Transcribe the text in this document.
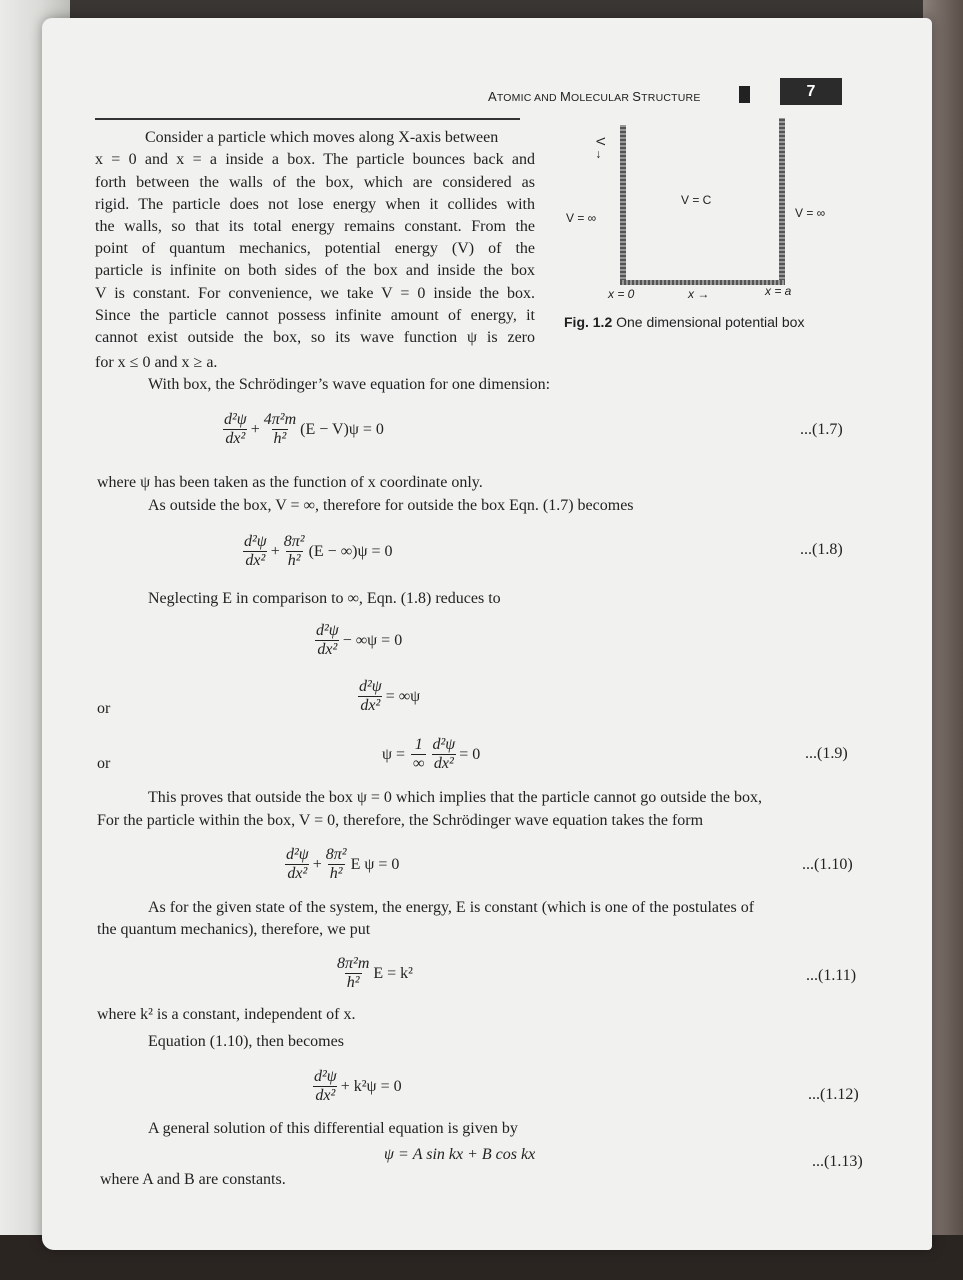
ATOMIC AND MOLECULAR STRUCTURE	7
Consider a particle which moves along X-axis between
x = 0 and x = a inside a box. The particle bounces back and
forth between the walls of the box, which are considered as
rigid. The particle does not lose energy when it collides with
the walls, so that its total energy remains constant. From the
point of quantum mechanics, potential energy (V) of the
particle is infinite on both sides of the box and inside the box
V is constant. For convenience, we take V = 0 inside the box.
Since the particle cannot possess infinite amount of energy, it
cannot exist outside the box, so its wave function ψ is zero
for x ≤ 0 and x ≥ a.
V →
V = ∞
V = C
V = ∞
x = 0	x →	x = a
Fig. 1.2 One dimensional potential box
With box, the Schrödinger’s wave equation for one dimension:
$\frac{\text{d²ψ}}{\text{dx²}} + \frac{\text{4π²m}}{\text{h²}} (E - V)\psi = 0$	...(1.7)
where ψ has been taken as the function of x coordinate only.
As outside the box, V = ∞, therefore for outside the box Eqn. (1.7) becomes
$\frac{\text{d²ψ}}{\text{dx²}} + \frac{\text{8π²}}{\text{h²}} (E - \infty)\psi = 0$	...(1.8)
Neglecting E in comparison to ∞, Eqn. (1.8) reduces to
$\frac{\text{d²ψ}}{\text{dx²}} - \infty\psi = 0$
or	$\frac{\text{d²ψ}}{\text{dx²}} = \infty\psi$
or
$\psi = \frac{1}{\infty} \frac{\text{d²ψ}}{\text{dx²}} = 0$	...(1.9)
This proves that outside the box ψ = 0 which implies that the particle cannot go outside the box,
For the particle within the box, V = 0, therefore, the Schrödinger wave equation takes the form
$\frac{\text{d²ψ}}{\text{dx²}} + \frac{\text{8π²}}{\text{h²}}$ E ψ = 0	...(1.10)
As for the given state of the system, the energy, E is constant (which is one of the postulates of
the quantum mechanics), therefore, we put
$\frac{\text{8π²m}}{\text{h²}}$ E = k²	...(1.11)
where k² is a constant, independent of x.
Equation (1.10), then becomes
$\frac{\text{d²ψ}}{\text{dx²}} + k^2\psi = 0$	...(1.12)
A general solution of this differential equation is given by
ψ = A sin kx + B cos kx	...(1.13)
where A and B are constants.
